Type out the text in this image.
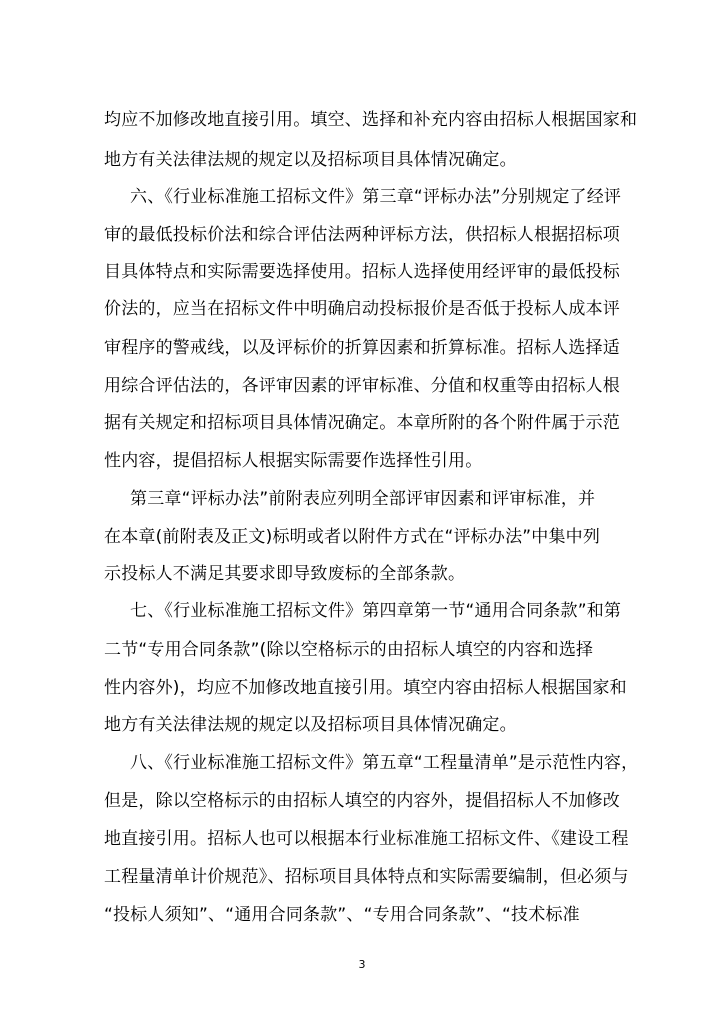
均应不加修改地直接引用。填空、选择和补充内容由招标人根据国家和
地方有关法律法规的规定以及招标项目具体情况确定。
六、《行业标准施工招标文件》第三章“评标办法”分别规定了经评
审的最低投标价法和综合评估法两种评标方法，供招标人根据招标项
目具体特点和实际需要选择使用。招标人选择使用经评审的最低投标
价法的，应当在招标文件中明确启动投标报价是否低于投标人成本评
审程序的警戒线，以及评标价的折算因素和折算标准。招标人选择适
用综合评估法的，各评审因素的评审标准、分值和权重等由招标人根
据有关规定和招标项目具体情况确定。本章所附的各个附件属于示范
性内容，提倡招标人根据实际需要作选择性引用。
第三章“评标办法”前附表应列明全部评审因素和评审标准，并
在本章(前附表及正文)标明或者以附件方式在“评标办法”中集中列
示投标人不满足其要求即导致废标的全部条款。
七、《行业标准施工招标文件》第四章第一节“通用合同条款”和第
二节“专用合同条款”(除以空格标示的由招标人填空的内容和选择
性内容外)，均应不加修改地直接引用。填空内容由招标人根据国家和
地方有关法律法规的规定以及招标项目具体情况确定。
八、《行业标准施工招标文件》第五章“工程量清单”是示范性内容，
但是，除以空格标示的由招标人填空的内容外，提倡招标人不加修改
地直接引用。招标人也可以根据本行业标准施工招标文件、《建设工程
工程量清单计价规范》、招标项目具体特点和实际需要编制，但必须与
“投标人须知”、“通用合同条款”、“专用合同条款”、“技术标准
3
